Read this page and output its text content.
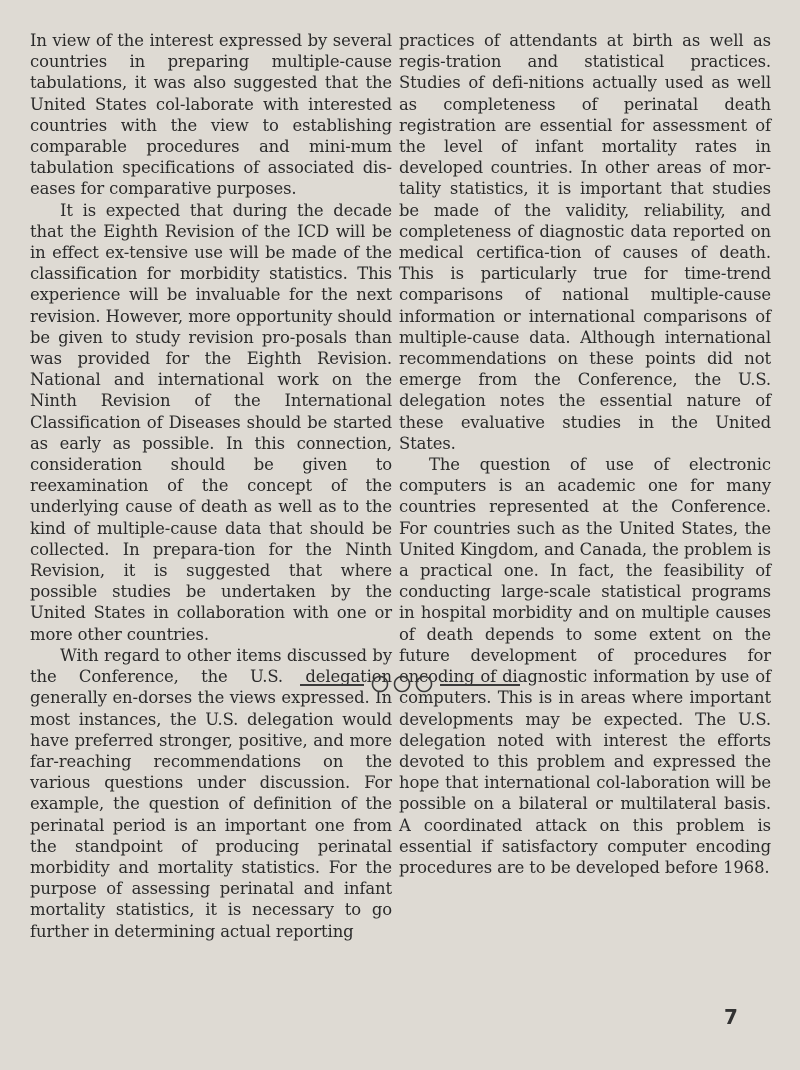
In view of the interest expressed by several countries in preparing multiple-cause tabulations, it was also suggested that the United States col-laborate with interested countries with the view to establishing comparable procedures and mini-mum tabulation specifications of associated dis-eases for comparative purposes.

It is expected that during the decade that the Eighth Revision of the ICD will be in effect ex-tensive use will be made of the classification for morbidity statistics. This experience will be invaluable for the next revision. However, more opportunity should be given to study revision pro-posals than was provided for the Eighth Revision. National and international work on the Ninth Revision of the International Classification of Diseases should be started as early as possible. In this connection, consideration should be given to reexamination of the concept of the underlying cause of death as well as to the kind of multiple-cause data that should be collected. In prepara-tion for the Ninth Revision, it is suggested that where possible studies be undertaken by the United States in collaboration with one or more other countries.

With regard to other items discussed by the Conference, the U.S. delegation generally en-dorses the views expressed. In most instances, the U.S. delegation would have preferred stronger, positive, and more far-reaching recommendations on the various questions under discussion. For example, the question of definition of the perinatal period is an important one from the standpoint of producing perinatal morbidity and mortality statistics. For the purpose of assessing perinatal and infant mortality statistics, it is necessary to go further in determining actual reporting

practices of attendants at birth as well as regis-tration and statistical practices. Studies of defi-nitions actually used as well as completeness of perinatal death registration are essential for assessment of the level of infant mortality rates in developed countries. In other areas of mor-tality statistics, it is important that studies be made of the validity, reliability, and completeness of diagnostic data reported on medical certifica-tion of causes of death. This is particularly true for time-trend comparisons of national multiple-cause information or international comparisons of multiple-cause data. Although international recommendations on these points did not emerge from the Conference, the U.S. delegation notes the essential nature of these evaluative studies in the United States.

The question of use of electronic computers is an academic one for many countries represented at the Conference. For countries such as the United States, the United Kingdom, and Canada, the problem is a practical one. In fact, the feasibility of conducting large-scale statistical programs in hospital morbidity and on multiple causes of death depends to some extent on the future development of procedures for encoding of diagnostic information by use of computers. This is in areas where important developments may be expected. The U.S. delegation noted with interest the efforts devoted to this problem and expressed the hope that international col-laboration will be possible on a bilateral or multilateral basis. A coordinated attack on this problem is essential if satisfactory computer encoding procedures are to be developed before 1968.

7
